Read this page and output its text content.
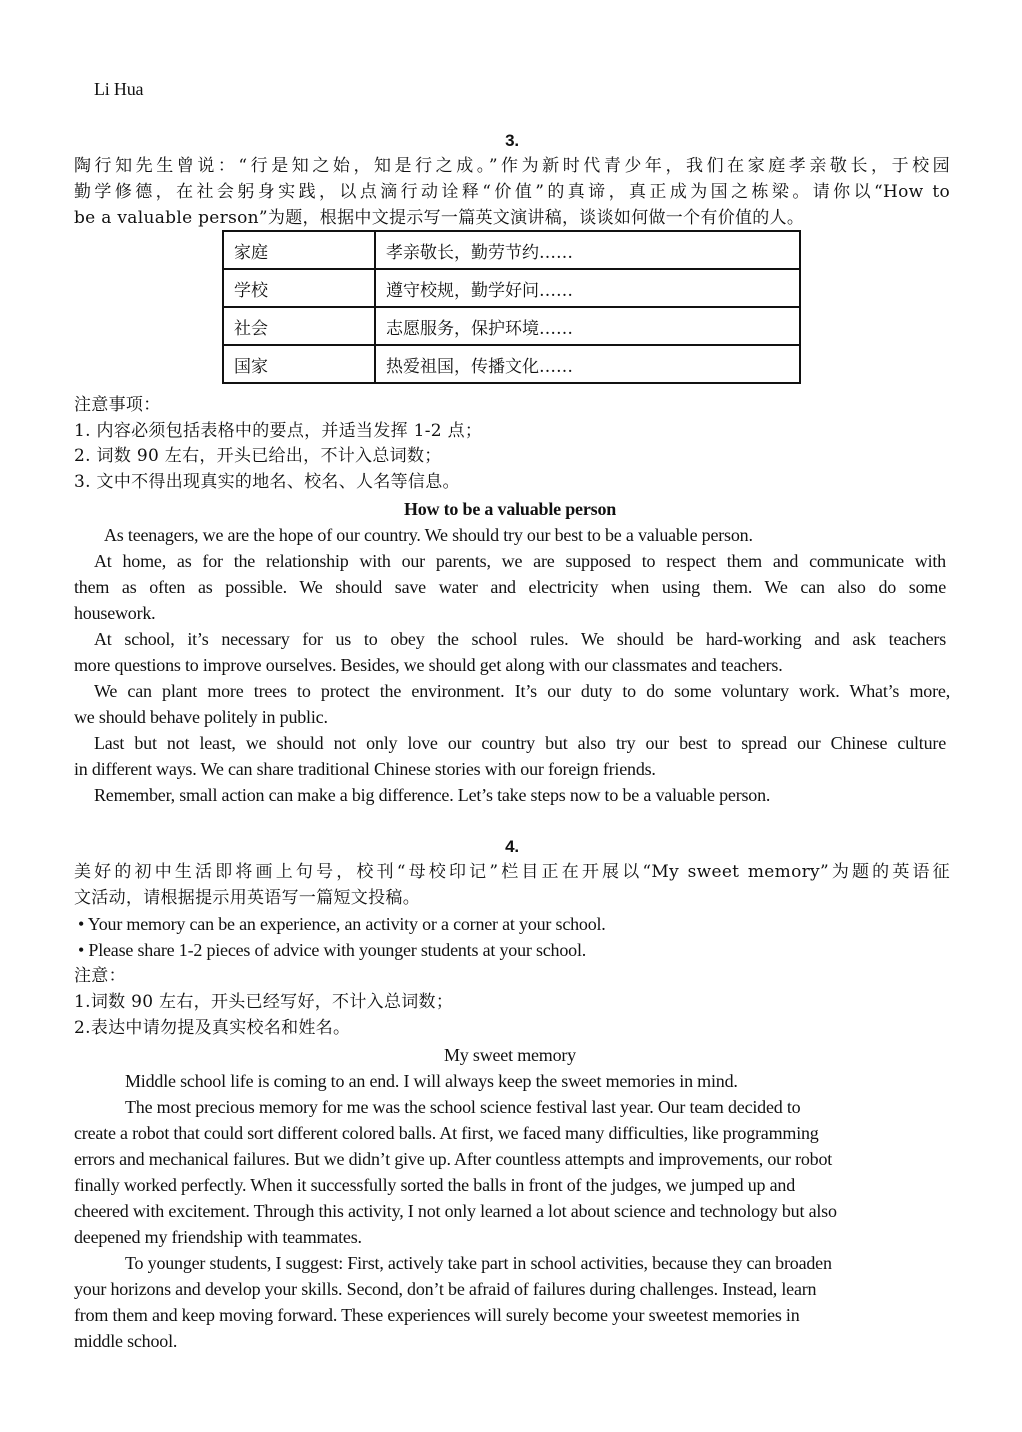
Li Hua
3.
陶行知先生曾说：“行是知之始，知是行之成。”作为新时代青少年，我们在家庭孝亲敬长，于校园
勤学修德，在社会躬身实践，以点滴行动诠释“价值”的真谛，真正成为国之栋梁。请你以“How to
be a valuable person”为题，根据中文提示写一篇英文演讲稿，谈谈如何做一个有价值的人。
家庭	孝亲敬长，勤劳节约……
学校	遵守校规，勤学好问……
社会	志愿服务，保护环境……
国家	热爱祖国，传播文化……
注意事项：
1. 内容必须包括表格中的要点，并适当发挥 1-2 点；
2. 词数 90 左右，开头已给出，不计入总词数；
3. 文中不得出现真实的地名、校名、人名等信息。
How to be a valuable person
As teenagers, we are the hope of our country. We should try our best to be a valuable person.
At home, as for the relationship with our parents, we are supposed to respect them and communicate with
them as often as possible. We should save water and electricity when using them. We can also do some
housework.
At school, it’s necessary for us to obey the school rules. We should be hard-working and ask teachers
more questions to improve ourselves. Besides, we should get along with our classmates and teachers.
We can plant more trees to protect the environment. It’s our duty to do some voluntary work. What’s more,
we should behave politely in public.
Last but not least, we should not only love our country but also try our best to spread our Chinese culture
in different ways. We can share traditional Chinese stories with our foreign friends.
Remember, small action can make a big difference. Let’s take steps now to be a valuable person.
4.
美好的初中生活即将画上句号，校刊“母校印记”栏目正在开展以“My sweet memory”为题的英语征
文活动，请根据提示用英语写一篇短文投稿。
• Your memory can be an experience, an activity or a corner at your school.
• Please share 1-2 pieces of advice with younger students at your school.
注意：
1.词数 90 左右，开头已经写好，不计入总词数；
2.表达中请勿提及真实校名和姓名。
My sweet memory
Middle school life is coming to an end. I will always keep the sweet memories in mind.
The most precious memory for me was the school science festival last year. Our team decided to
create a robot that could sort different colored balls. At first, we faced many difficulties, like programming
errors and mechanical failures. But we didn’t give up. After countless attempts and improvements, our robot
finally worked perfectly. When it successfully sorted the balls in front of the judges, we jumped up and
cheered with excitement. Through this activity, I not only learned a lot about science and technology but also
deepened my friendship with teammates.
To younger students, I suggest: First, actively take part in school activities, because they can broaden
your horizons and develop your skills. Second, don’t be afraid of failures during challenges. Instead, learn
from them and keep moving forward. These experiences will surely become your sweetest memories in
middle school.
